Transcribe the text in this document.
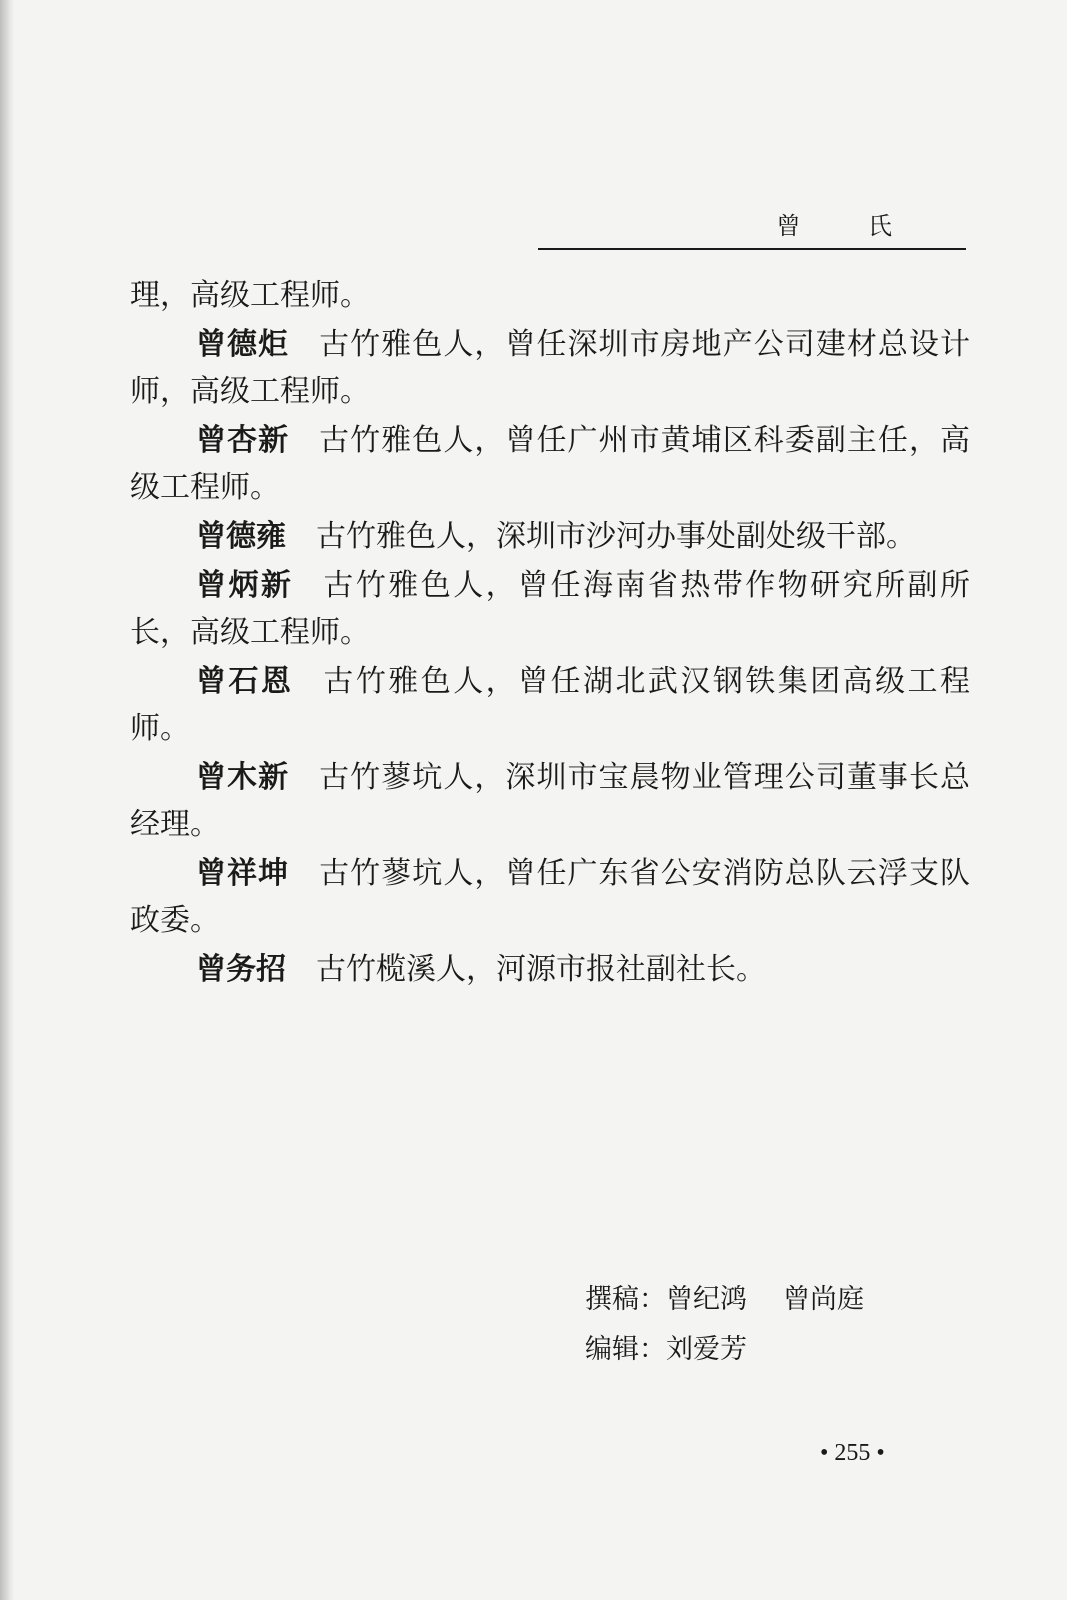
曾 氏

理，高级工程师。

曾德炬 古竹雅色人，曾任深圳市房地产公司建材总设计师，高级工程师。

曾杏新 古竹雅色人，曾任广州市黄埔区科委副主任，高级工程师。

曾德雍 古竹雅色人，深圳市沙河办事处副处级干部。

曾炳新 古竹雅色人，曾任海南省热带作物研究所副所长，高级工程师。

曾石恩 古竹雅色人，曾任湖北武汉钢铁集团高级工程师。

曾木新 古竹蓼坑人，深圳市宝晨物业管理公司董事长总经理。

曾祥坤 古竹蓼坑人，曾任广东省公安消防总队云浮支队政委。

曾务招 古竹榄溪人，河源市报社副社长。

撰稿：曾纪鸿 曾尚庭
编辑：刘爱芳
• 255 •
